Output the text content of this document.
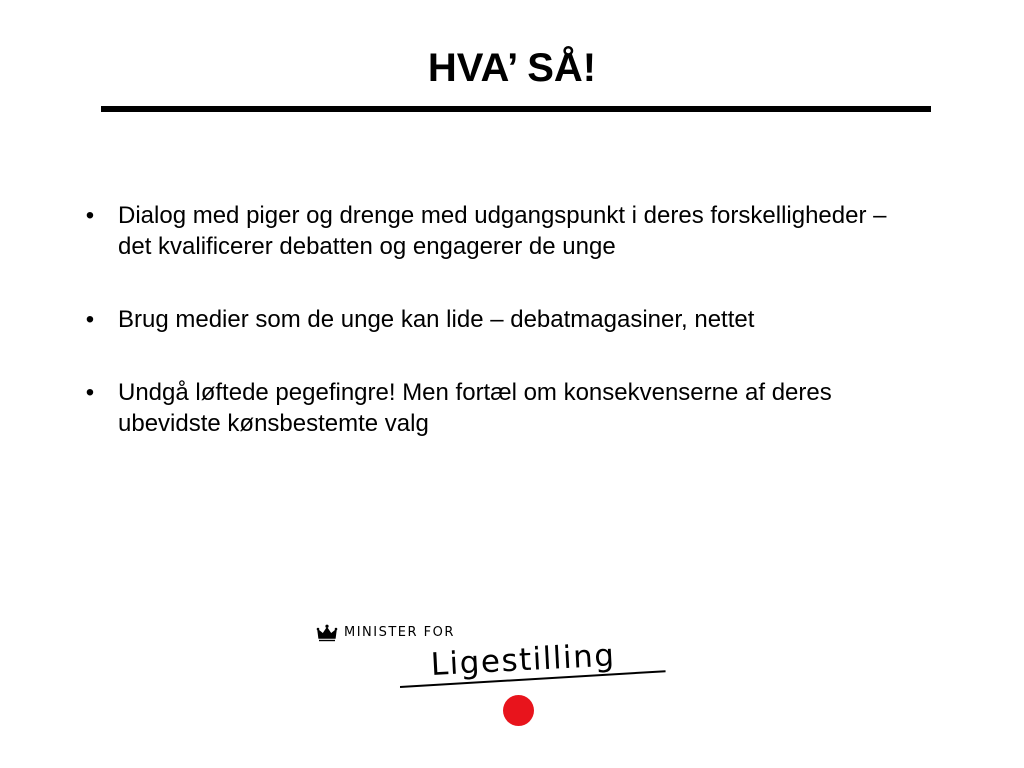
HVA’ SÅ!
• Dialog med piger og drenge med udgangspunkt i deres forskelligheder – det kvalificerer debatten og engagerer de unge
• Brug medier som de unge kan lide – debatmagasiner, nettet
• Undgå løftede pegefingre! Men fortæl om konsekvenserne af deres ubevidste kønsbestemte valg
MINISTER FOR
Ligestilling
